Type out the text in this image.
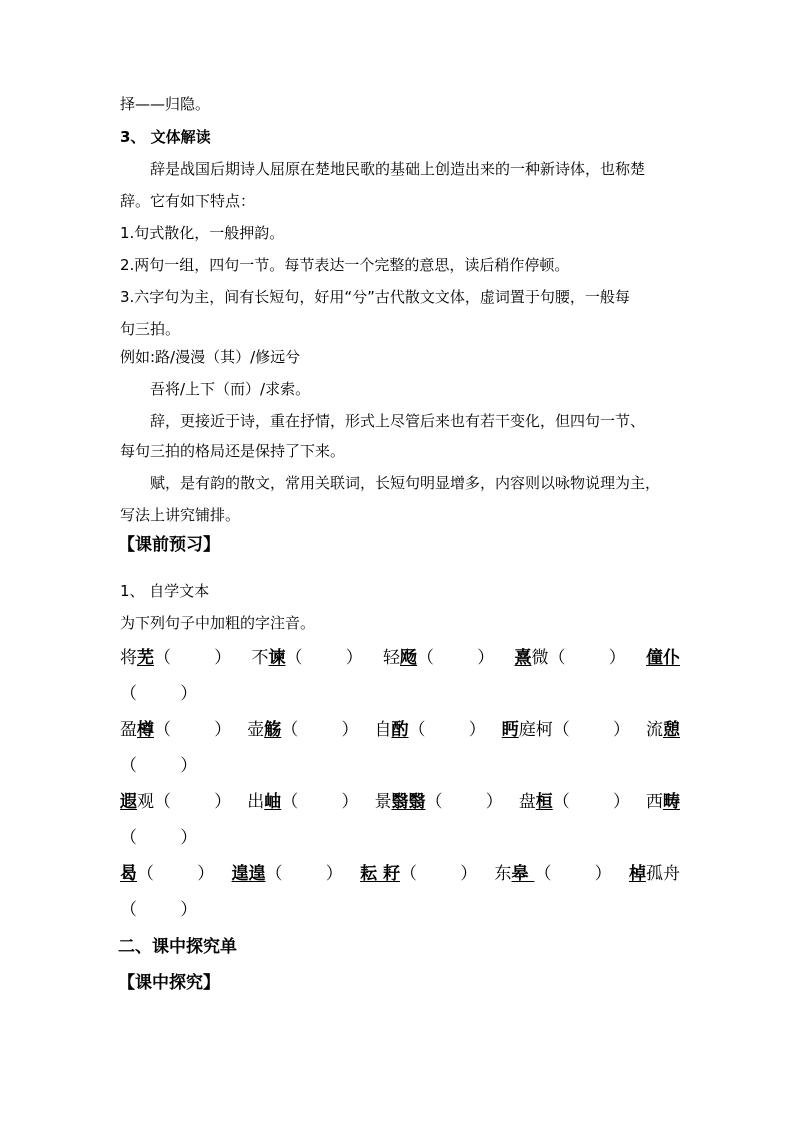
择——归隐。
3、 文体解读
辞是战国后期诗人屈原在楚地民歌的基础上创造出来的一种新诗体，也称楚
辞。它有如下特点：
1.句式散化，一般押韵。
2.两句一组，四句一节。每节表达一个完整的意思，读后稍作停顿。
3.六字句为主，间有长短句，好用“兮”古代散文文体，虚词置于句腰，一般每
句三拍。
例如:路/漫漫（其）/修远兮
吾将/上下（而）/求索。
辞，更接近于诗，重在抒情，形式上尽管后来也有若干变化，但四句一节、
每句三拍的格局还是保持了下来。
赋，是有韵的散文，常用关联词，长短句明显增多，内容则以咏物说理为主，
写法上讲究铺排。
【课前预习】
1、 自学文本
为下列句子中加粗的字注音。
将芜（        ） 不谏（        ） 轻飏（        ） 熹微（        ） 僮仆
（        ）
盈樽（        ） 壶觞（        ） 自酌（        ） 眄庭柯（        ） 流憩
（        ）
遐观（        ） 出岫（        ） 景翳翳（        ） 盘桓（        ） 西畴
（        ）
曷（        ） 遑遑（        ） 耘 耔（        ） 东皋 （        ） 棹孤舟
（        ）
二、课中探究单
【课中探究】
